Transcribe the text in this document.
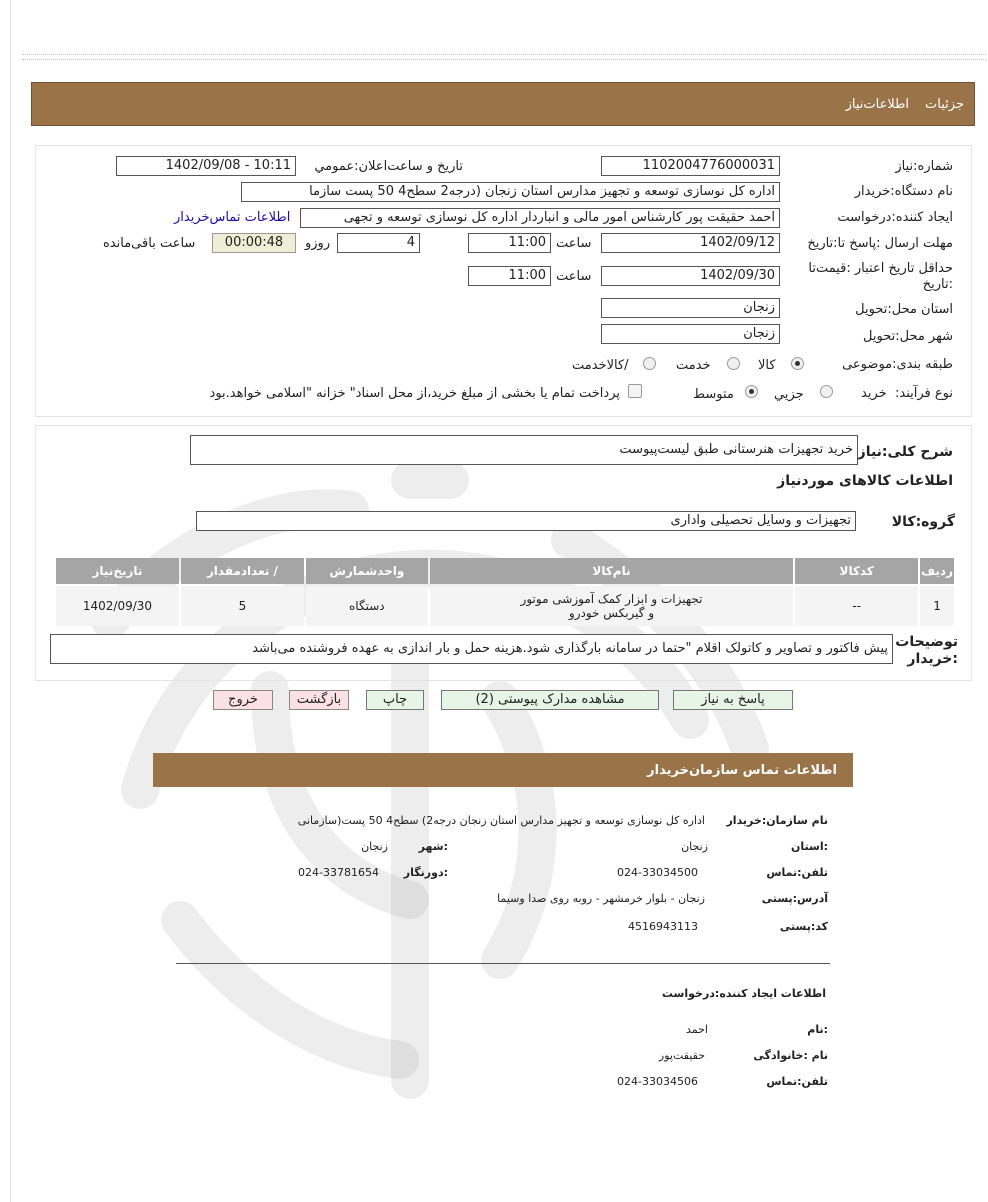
جزئیات
اطلاعات‌نیاز
شماره:نیاز
1102004776000031
تاریخ و ساعت‌اعلان:عمومي
1402/09/08 - 10:11
نام دستگاه:خریدار
اداره کل نوسازی توسعه و تجهیز مدارس استان زنجان (درجه2 سطح4 50 پست سازما
ایجاد کننده:درخواست
احمد حقیقت پور کارشناس امور مالی و انباردار اداره کل نوسازی توسعه و تجهی
اطلاعات تماس‌خریدار
مهلت ارسال :پاسخ تا:تاریخ
1402/09/12
ساعت
11:00
4
روزو
00:00:48
ساعت باقی‌مانده
حداقل تاریخ اعتبار :قیمت‌تا :تاریخ
1402/09/30
ساعت
11:00
استان محل:تحویل
زنجان
شهر محل:تحویل
زنجان
طبقه بندی:موضوعی
کالا
خدمت
/کالاخدمت
نوع فرآیند:
خرید
جزیي
متوسط
پرداخت تمام یا بخشی از مبلغ خرید،از محل اسناد" خزانه "اسلامی خواهد.بود
شرح کلی:نیاز
خرید تجهیزات هنرستانی طبق لیست‌پیوست
اطلاعات کالاهای موردنیاز
گروه:کالا
تجهیزات و وسایل تحصیلی واداری
ردیف	کدکالا	نام‌کالا	واحدشمارش	/ تعدادمقدار	تاریخ‌نیاز
1	--	تجهیزات و ابزار کمک آموزشی موتور
و گیربکس خودرو	دستگاه	5	1402/09/30
توضیحات :خریدار
پیش فاکتور و تصاویر و کاتولک اقلام "حتما در سامانه بارگذاری شود.هزینه حمل و بار اندازی به عهده فروشنده می‌باشد
پاسخ به نیاز
مشاهده مدارک پیوستی (2)
چاپ
بازگشت
خروج
اطلاعات تماس سازمان‌خریدار
نام سازمان:خریدار
اداره کل نوسازی توسعه و تجهیز مدارس استان زنجان درجه2) سطح4 50 پست(سازمانی
:استان
زنجان
:شهر
زنجان
تلفن:تماس
024-33034500
:دورنگار
024-33781654
آدرس:پستی
زنجان - بلوار خرمشهر - روبه روی صدا وسیما
کد:پستی
4516943113
اطلاعات ایجاد کننده:درخواست
:نام
احمد
نام :خانوادگی
حقیقت‌پور
تلفن:تماس
024-33034506
